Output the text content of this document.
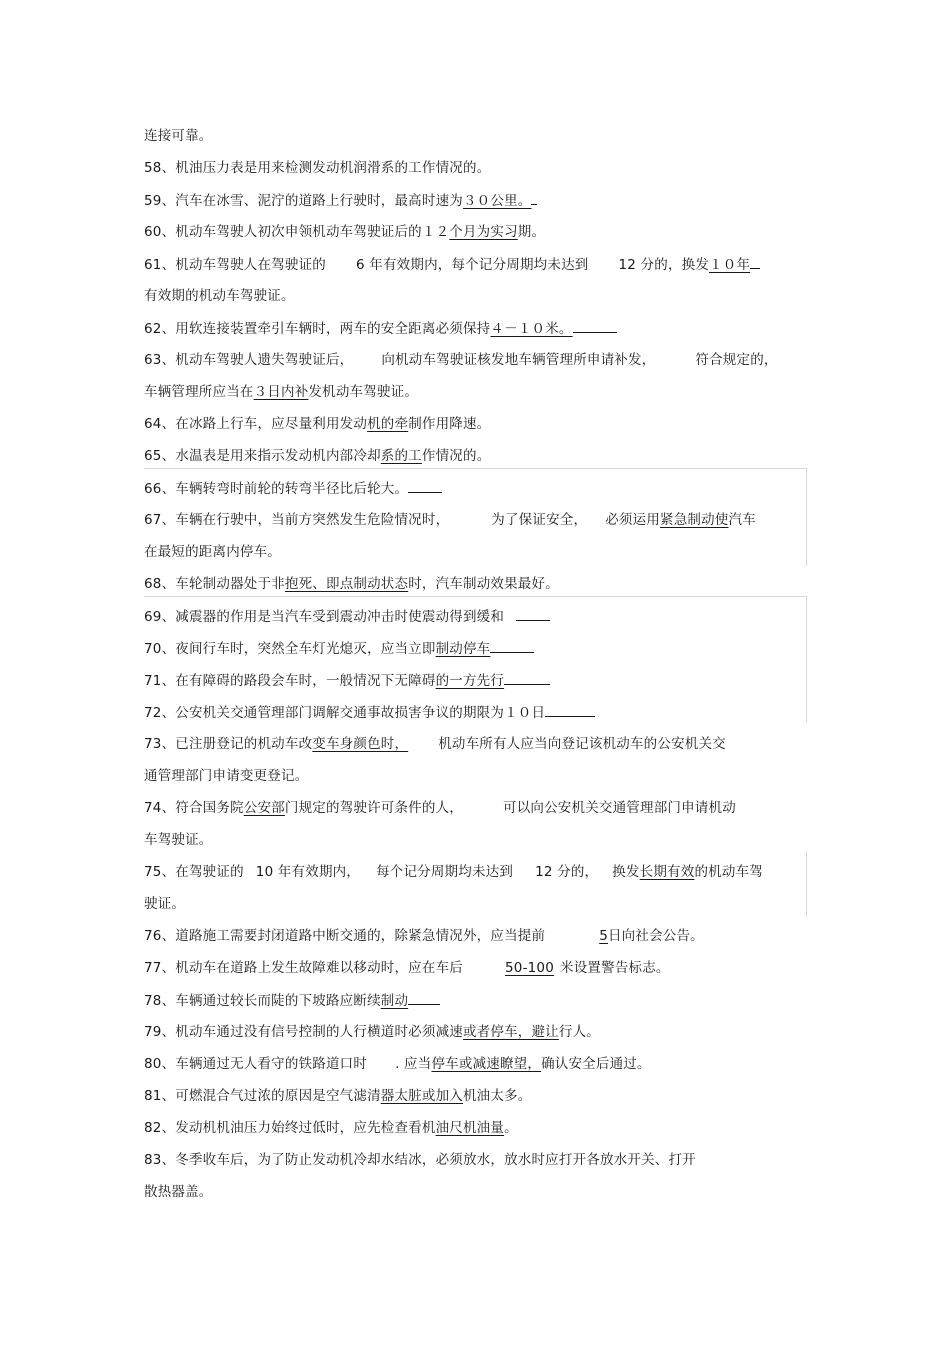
连接可靠。
58、机油压力表是用来检测发动机润滑系的工作情况的。
59、汽车在冰雪、泥泞的道路上行驶时，最高时速为３０公里。
60、机动车驾驶人初次申领机动车驾驶证后的１２个月为实习期。
61、机动车驾驶人在驾驶证的 6 年有效期内，每个记分周期均未达到 12 分的，换发１０年
有效期的机动车驾驶证。
62、用软连接装置牵引车辆时，两车的安全距离必须保持４－１０米。
63、机动车驾驶人遗失驾驶证后， 向机动车驾驶证核发地车辆管理所申请补发，	符合规定的，
车辆管理所应当在３日内补发机动车驾驶证。
64、在冰路上行车，应尽量利用发动机的牵制作用降速。
65、水温表是用来指示发动机内部冷却系的工作情况的。
66、车辆转弯时前轮的转弯半径比后轮大。
67、车辆在行驶中，当前方突然发生危险情况时，	为了保证安全， 必须运用紧急制动使汽车
在最短的距离内停车。
68、车轮制动器处于非抱死、即点制动状态时，汽车制动效果最好。
69、减震器的作用是当汽车受到震动冲击时使震动得到缓和
70、夜间行车时，突然全车灯光熄灭，应当立即制动停车
71、在有障碍的路段会车时，一般情况下无障碍的一方先行
72、公安机关交通管理部门调解交通事故损害争议的期限为１０日
73、已注册登记的机动车改变车身颜色时， 机动车所有人应当向登记该机动车的公安机关交
通管理部门申请变更登记。
74、符合国务院公安部门规定的驾驶许可条件的人，	可以向公安机关交通管理部门申请机动
车驾驶证。
75、在驾驶证的 10 年有效期内， 每个记分周期均未达到 12 分的， 换发长期有效的机动车驾
驶证。
76、道路施工需要封闭道路中断交通的，除紧急情况外，应当提前	5日向社会公告。
77、机动车在道路上发生故障难以移动时，应在车后	50-100 米设置警告标志。
78、车辆通过较长而陡的下坡路应断续制动
79、机动车通过没有信号控制的人行横道时必须减速或者停车，避让行人。
80、车辆通过无人看守的铁路道口时 . 应当停车或减速瞭望，确认安全后通过。
81、可燃混合气过浓的原因是空气滤清器太脏或加入机油太多。
82、发动机机油压力始终过低时，应先检查看机油尺机油量。
83、冬季收车后，为了防止发动机冷却水结冰，必须放水，放水时应打开各放水开关、打开
散热器盖。
